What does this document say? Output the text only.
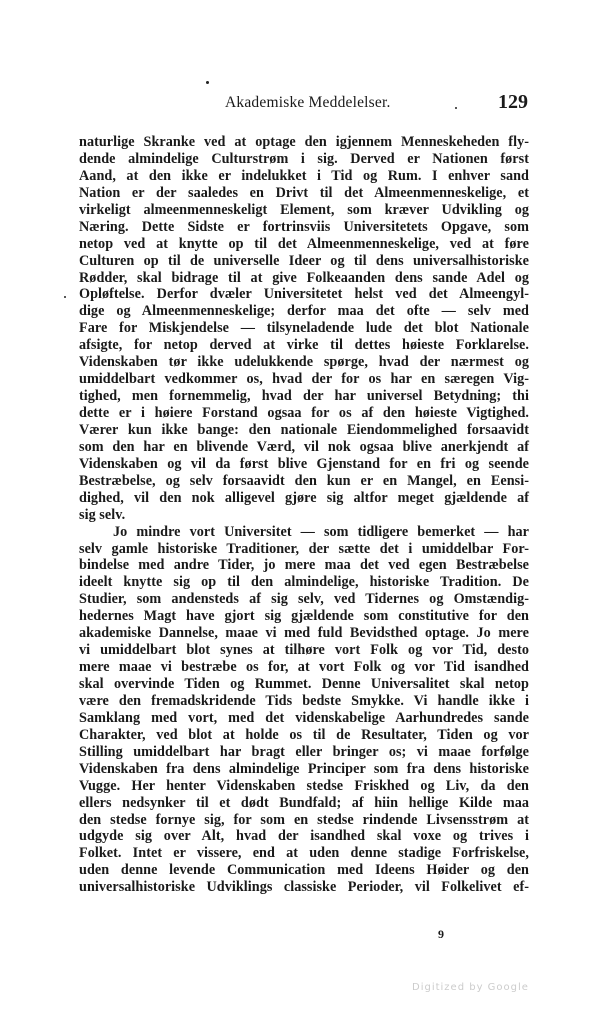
Akademiske Meddelelser.	129
naturlige Skranke ved at optage den igjennem Menneskeheden fly-
dende almindelige Culturstrøm i sig. Derved er Nationen først
Aand, at den ikke er indelukket i Tid og Rum. I enhver sand
Nation er der saaledes en Drivt til det Almeenmenneskelige, et
virkeligt almeenmenneskeligt Element, som kræver Udvikling og
Næring. Dette Sidste er fortrinsviis Universitetets Opgave, som
netop ved at knytte op til det Almeenmenneskelige, ved at føre
Culturen op til de universelle Ideer og til dens universalhistoriske
Rødder, skal bidrage til at give Folkeaanden dens sande Adel og
Opløftelse. Derfor dvæler Universitetet helst ved det Almeengyl-
dige og Almeenmenneskelige; derfor maa det ofte — selv med
Fare for Miskjendelse — tilsyneladende lude det blot Nationale
afsigte, for netop derved at virke til dettes høieste Forklarelse.
Videnskaben tør ikke udelukkende spørge, hvad der nærmest og
umiddelbart vedkommer os, hvad der for os har en særegen Vig-
tighed, men fornemmelig, hvad der har universel Betydning; thi
dette er i høiere Forstand ogsaa for os af den høieste Vigtighed.
Værer kun ikke bange: den nationale Eiendommelighed forsaavidt
som den har en blivende Værd, vil nok ogsaa blive anerkjendt af
Videnskaben og vil da først blive Gjenstand for en fri og seende
Bestræbelse, og selv forsaavidt den kun er en Mangel, en Eensi-
dighed, vil den nok alligevel gjøre sig altfor meget gjældende af
sig selv.
Jo mindre vort Universitet — som tidligere bemerket — har
selv gamle historiske Traditioner, der sætte det i umiddelbar For-
bindelse med andre Tider, jo mere maa det ved egen Bestræbelse
ideelt knytte sig op til den almindelige, historiske Tradition. De
Studier, som andensteds af sig selv, ved Tidernes og Omstændig-
hedernes Magt have gjort sig gjældende som constitutive for den
akademiske Dannelse, maae vi med fuld Bevidsthed optage. Jo mere
vi umiddelbart blot synes at tilhøre vort Folk og vor Tid, desto
mere maae vi bestræbe os for, at vort Folk og vor Tid isandhed
skal overvinde Tiden og Rummet. Denne Universalitet skal netop
være den fremadskridende Tids bedste Smykke. Vi handle ikke i
Samklang med vort, med det videnskabelige Aarhundredes sande
Charakter, ved blot at holde os til de Resultater, Tiden og vor
Stilling umiddelbart har bragt eller bringer os; vi maae forfølge
Videnskaben fra dens almindelige Principer som fra dens historiske
Vugge. Her henter Videnskaben stedse Friskhed og Liv, da den
ellers nedsynker til et dødt Bundfald; af hiin hellige Kilde maa
den stedse fornye sig, for som en stedse rindende Livsensstrøm at
udgyde sig over Alt, hvad der isandhed skal voxe og trives i
Folket. Intet er vissere, end at uden denne stadige Forfriskelse,
uden denne levende Communication med Ideens Høider og den
universalhistoriske Udviklings classiske Perioder, vil Folkelivet ef-
9
Digitized by Google
